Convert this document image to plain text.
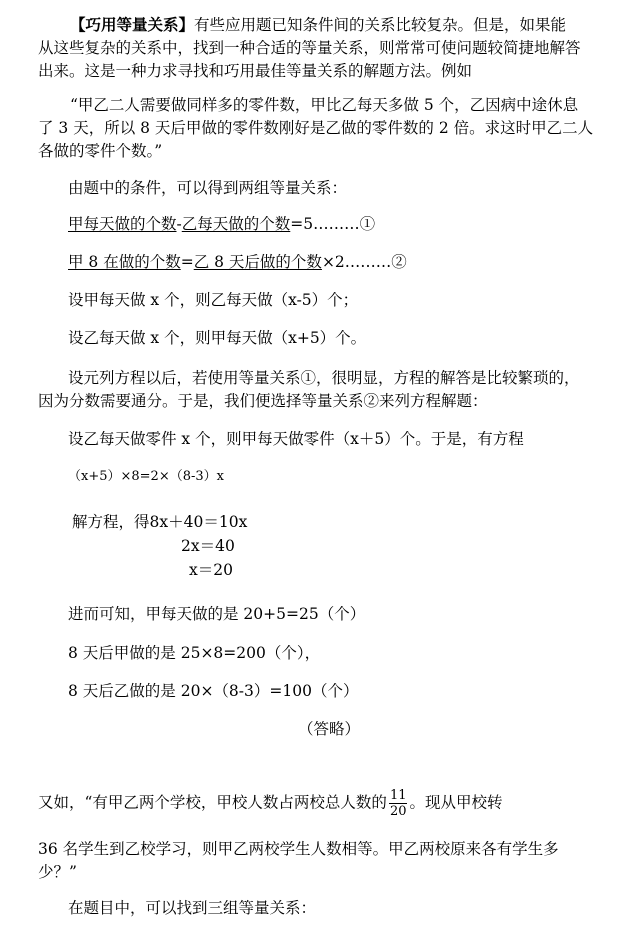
【巧用等量关系】有些应用题已知条件间的关系比较复杂。但是，如果能
从这些复杂的关系中，找到一种合适的等量关系，则常常可使问题较简捷地解答
出来。这是一种力求寻找和巧用最佳等量关系的解题方法。例如
“甲乙二人需要做同样多的零件数，甲比乙每天多做 5 个，乙因病中途休息
了 3 天，所以 8 天后甲做的零件数刚好是乙做的零件数的 2 倍。求这时甲乙二人
各做的零件个数。”
由题中的条件，可以得到两组等量关系：
甲每天做的个数-乙每天做的个数=5………①
甲 8 在做的个数=乙 8 天后做的个数×2………②
设甲每天做 x 个，则乙每天做（x-5）个；
设乙每天做 x 个，则甲每天做（x+5）个。
设元列方程以后，若使用等量关系①，很明显，方程的解答是比较繁琐的，
因为分数需要通分。于是，我们便选择等量关系②来列方程解题：
设乙每天做零件 x 个，则甲每天做零件（x＋5）个。于是，有方程
（x+5）×8=2×（8-3）x
解方程，得8x＋40＝10x
2x＝40
x＝20
进而可知，甲每天做的是 20+5=25（个）
8 天后甲做的是 25×8=200（个），
8 天后乙做的是 20×（8-3）=100（个）
（答略）
又如，“有甲乙两个学校，甲校人数占两校总人数的 $\frac{11}{20}$ 。现从甲校转
36 名学生到乙校学习，则甲乙两校学生人数相等。甲乙两校原来各有学生多
少？”
在题目中，可以找到三组等量关系：
